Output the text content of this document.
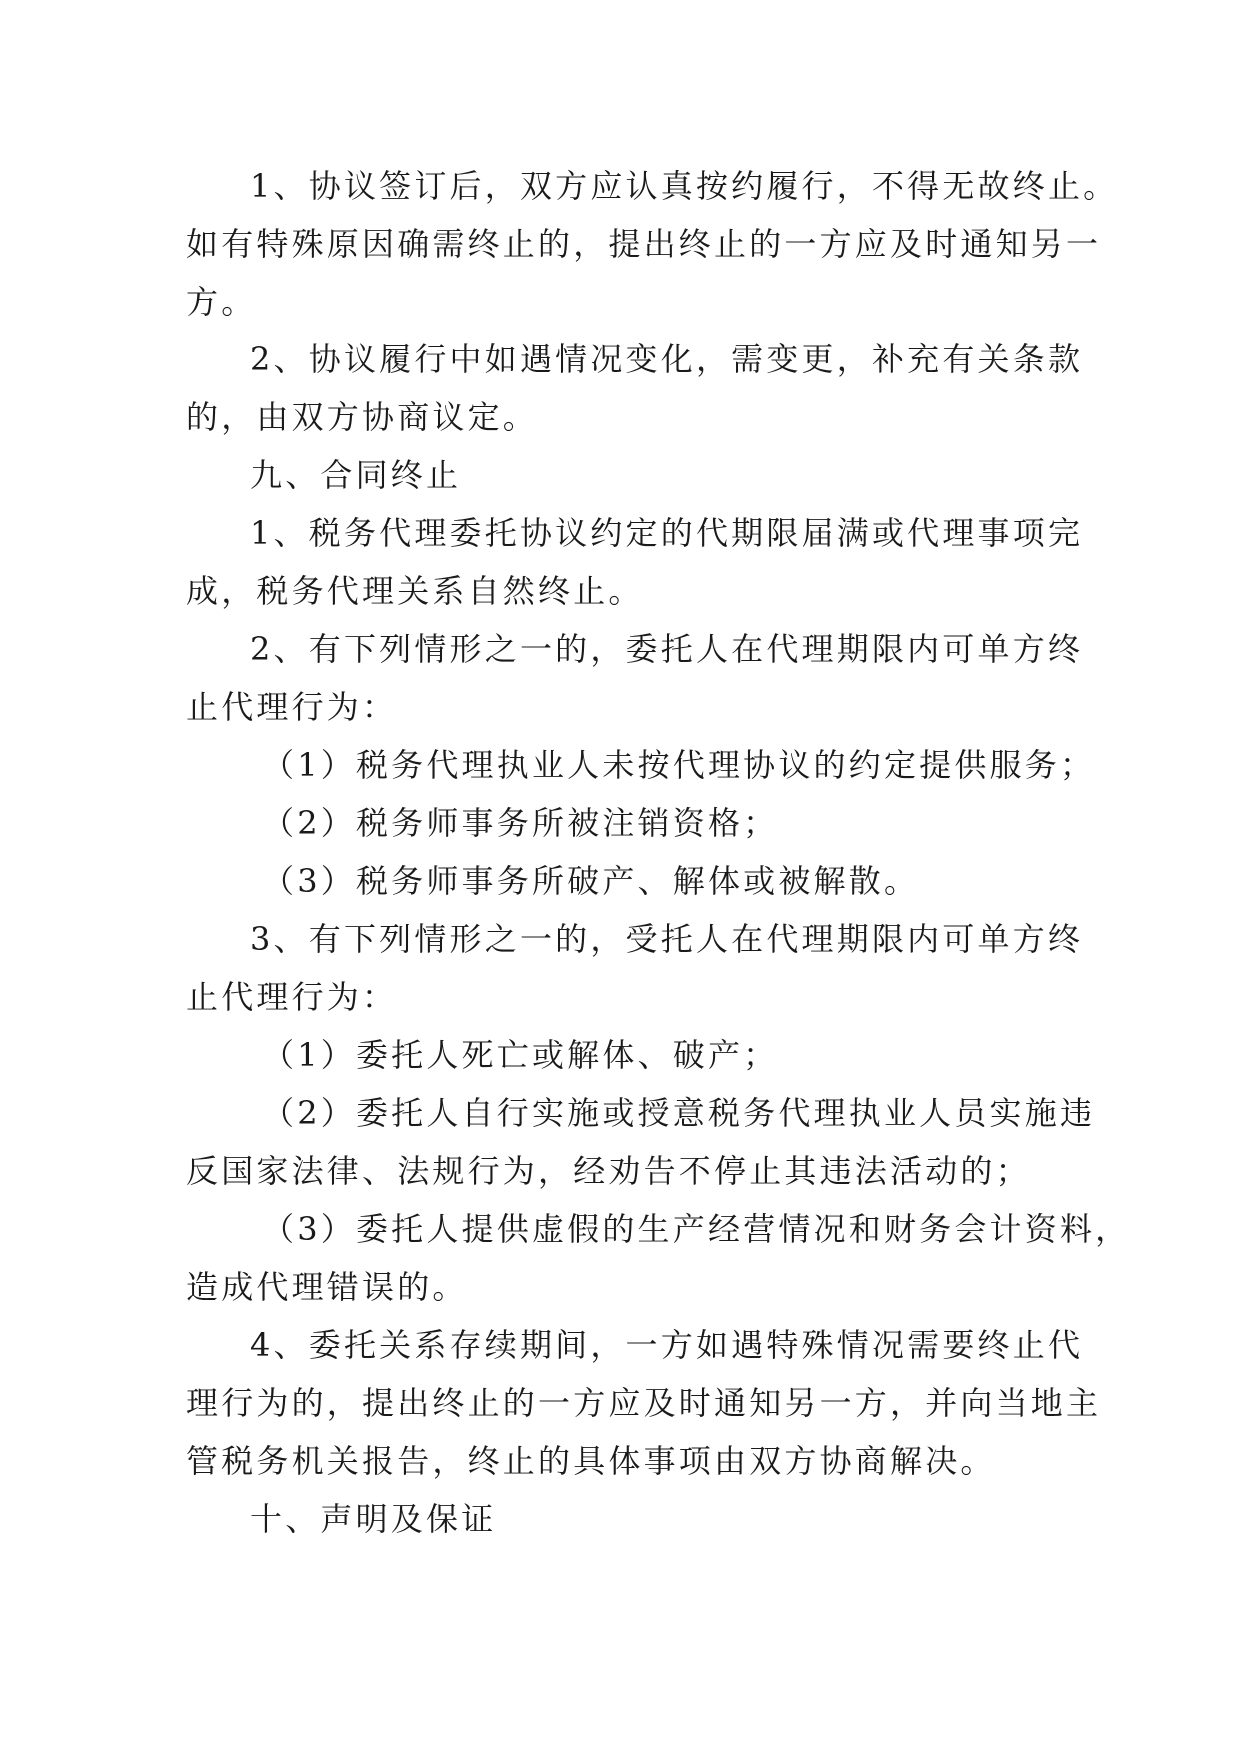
1、协议签订后，双方应认真按约履行，不得无故终止。
如有特殊原因确需终止的，提出终止的一方应及时通知另一
方。
2、协议履行中如遇情况变化，需变更，补充有关条款
的，由双方协商议定。
九、合同终止
1、税务代理委托协议约定的代期限届满或代理事项完
成，税务代理关系自然终止。
2、有下列情形之一的，委托人在代理期限内可单方终
止代理行为：
（1）税务代理执业人未按代理协议的约定提供服务；
（2）税务师事务所被注销资格；
（3）税务师事务所破产、解体或被解散。
3、有下列情形之一的，受托人在代理期限内可单方终
止代理行为：
（1）委托人死亡或解体、破产；
（2）委托人自行实施或授意税务代理执业人员实施违
反国家法律、法规行为，经劝告不停止其违法活动的；
（3）委托人提供虚假的生产经营情况和财务会计资料，
造成代理错误的。
4、委托关系存续期间，一方如遇特殊情况需要终止代
理行为的，提出终止的一方应及时通知另一方，并向当地主
管税务机关报告，终止的具体事项由双方协商解决。
十、声明及保证
